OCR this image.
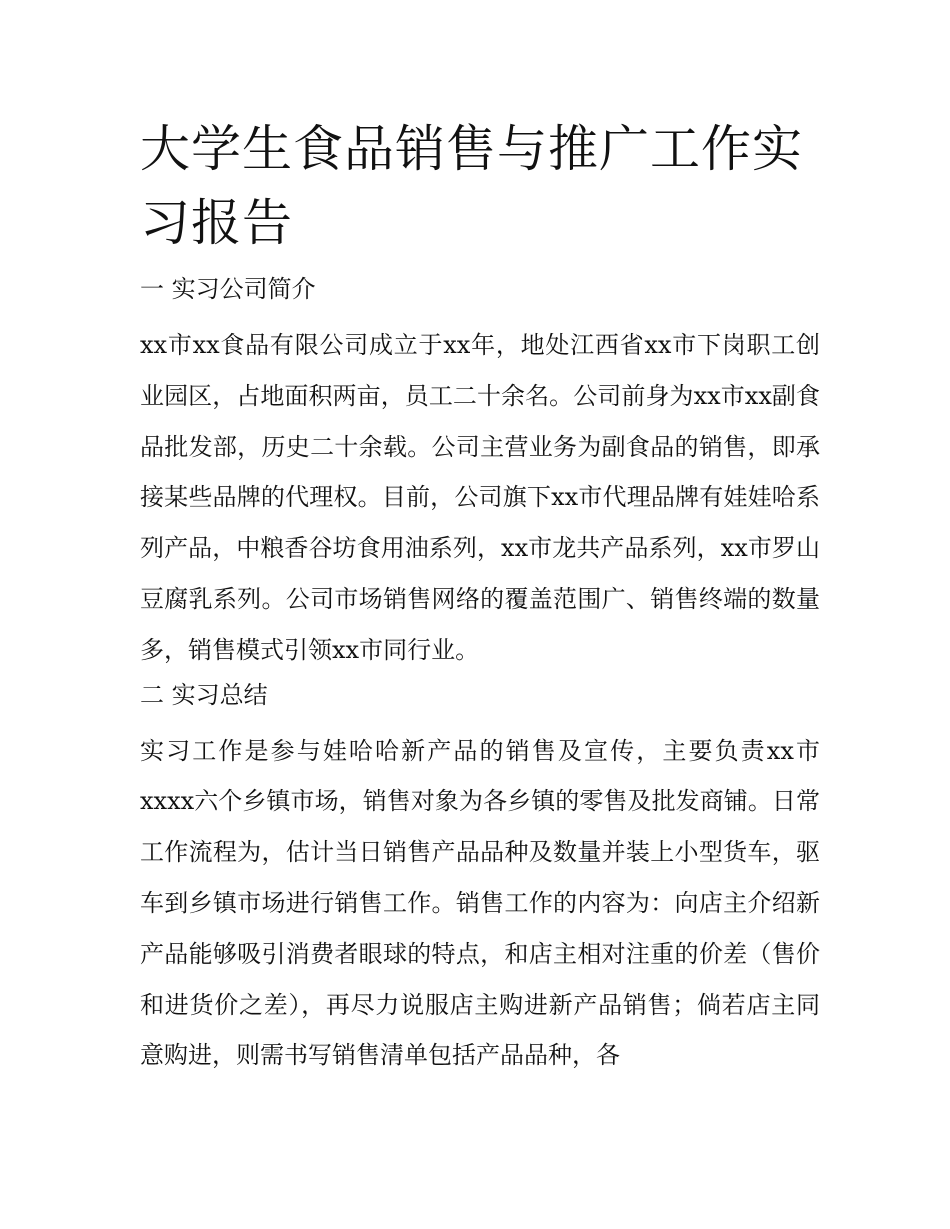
大学生食品销售与推广工作实习报告
一 实习公司简介

xx市xx食品有限公司成立于xx年，地处江西省xx市下岗职工创业园区，占地面积两亩，员工二十余名。公司前身为xx市xx副食品批发部，历史二十余载。公司主营业务为副食品的销售，即承接某些品牌的代理权。目前，公司旗下xx市代理品牌有娃娃哈系列产品，中粮香谷坊食用油系列，xx市龙共产品系列，xx市罗山豆腐乳系列。公司市场销售网络的覆盖范围广、销售终端的数量多，销售模式引领xx市同行业。

二 实习总结

实习工作是参与娃哈哈新产品的销售及宣传，主要负责xx市xxxx六个乡镇市场，销售对象为各乡镇的零售及批发商铺。日常工作流程为，估计当日销售产品品种及数量并装上小型货车，驱车到乡镇市场进行销售工作。销售工作的内容为：向店主介绍新产品能够吸引消费者眼球的特点，和店主相对注重的价差（售价和进货价之差），再尽力说服店主购进新产品销售；倘若店主同意购进，则需书写销售清单包括产品品种，各
